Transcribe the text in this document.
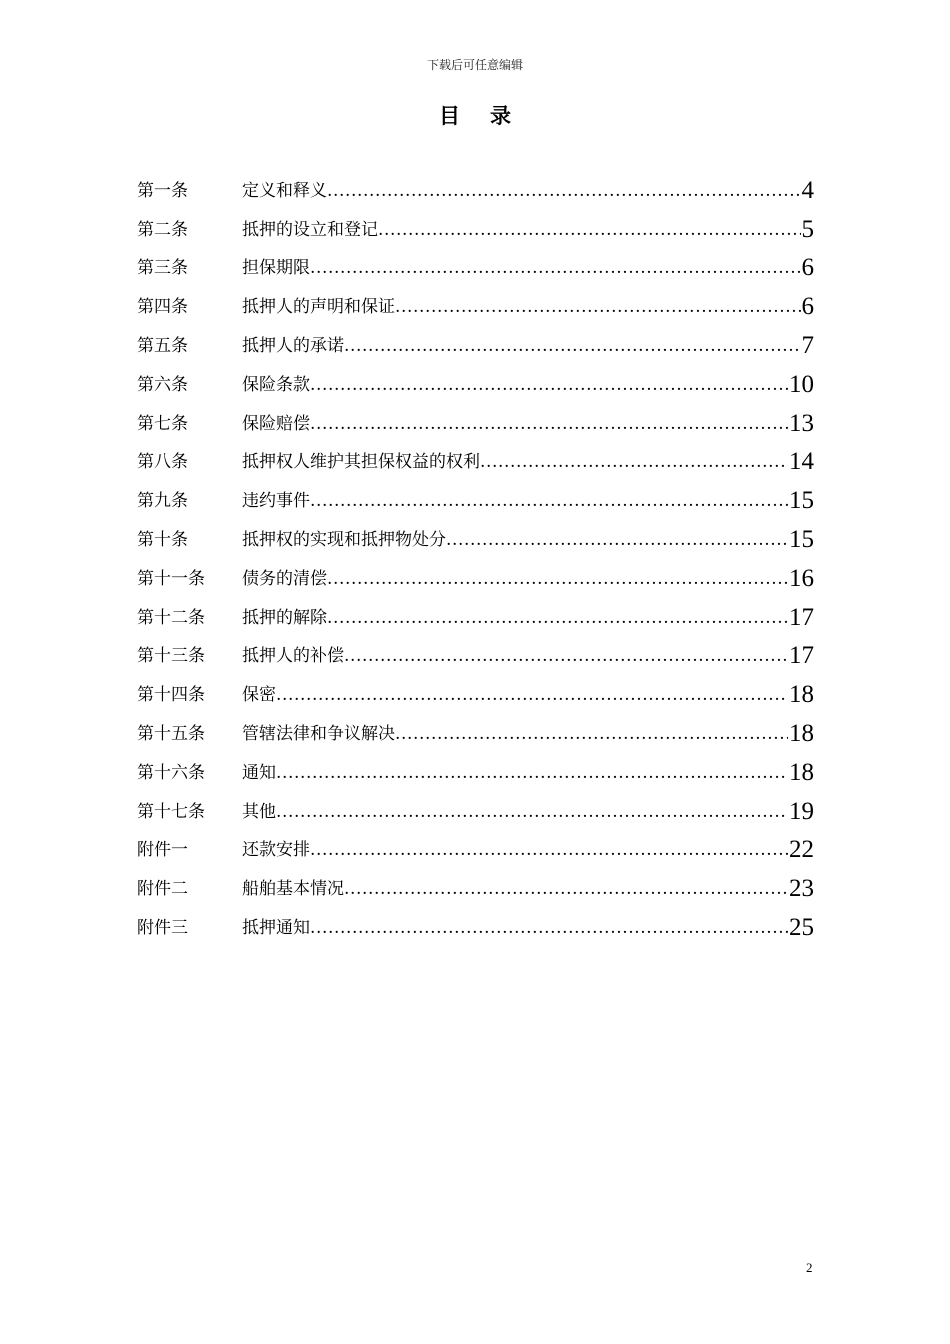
下载后可任意编辑
目录
第一条	定义和释义 .....	4
第二条	抵押的设立和登记 .....	5
第三条	担保期限 .....	6
第四条	抵押人的声明和保证 .....	6
第五条	抵押人的承诺 .....	7
第六条	保险条款 .....	10
第七条	保险赔偿 .....	13
第八条	抵押权人维护其担保权益的权利 .....	14
第九条	违约事件 .....	15
第十条	抵押权的实现和抵押物处分 .....	15
第十一条	债务的清偿 .....	16
第十二条	抵押的解除 .....	17
第十三条	抵押人的补偿 .....	17
第十四条	保密 .....	18
第十五条	管辖法律和争议解决 .....	18
第十六条	通知 .....	18
第十七条	其他 .....	19
附件一	还款安排 .....	22
附件二	船舶基本情况 .....	23
附件三	抵押通知 .....	25
2
